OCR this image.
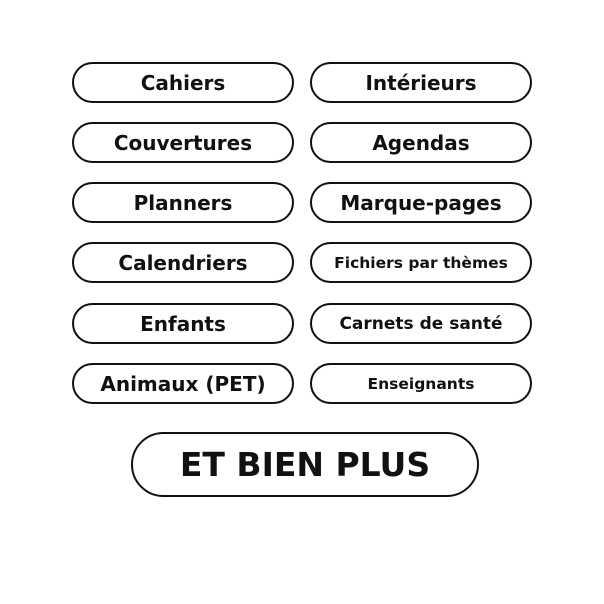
Cahiers	Intérieurs
Couvertures	Agendas
Planners	Marque-pages
Calendriers	Fichiers par thèmes
Enfants	Carnets de santé
Animaux (PET)	Enseignants
ET BIEN PLUS
